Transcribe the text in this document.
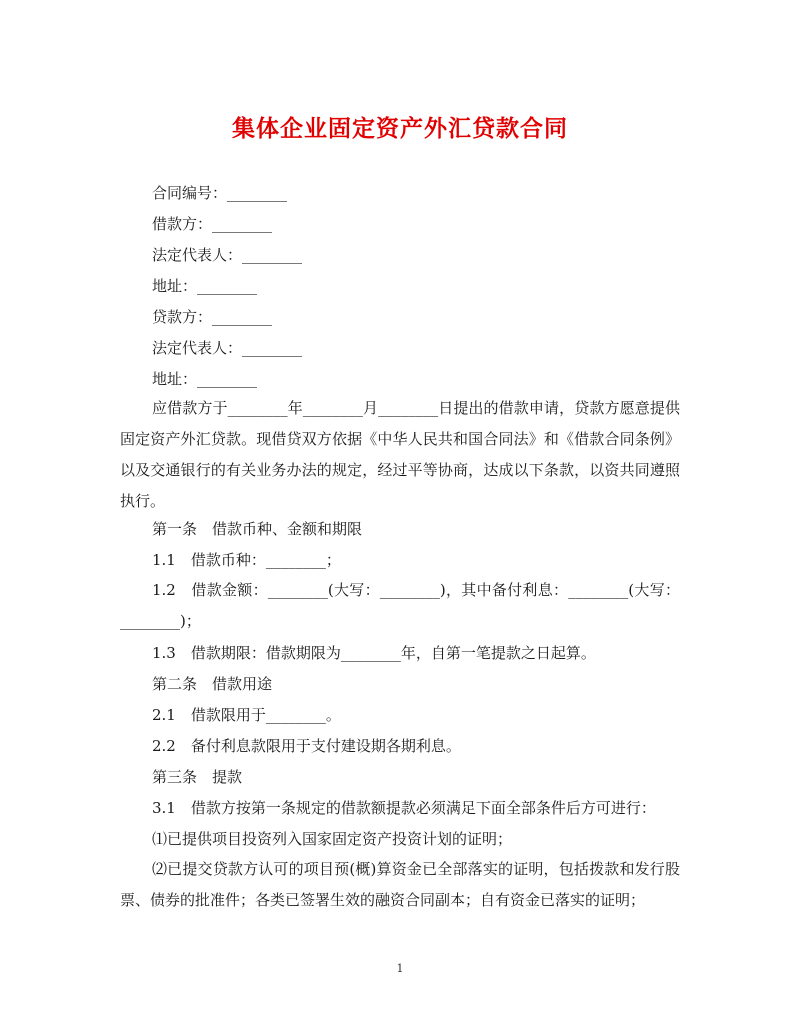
集体企业固定资产外汇贷款合同
合同编号：________
借款方：________
法定代表人：________
地址：________
贷款方：________
法定代表人：________
地址：________
应借款方于________年________月________日提出的借款申请，贷款方愿意提供固定资产外汇贷款。现借贷双方依据《中华人民共和国合同法》和《借款合同条例》以及交通银行的有关业务办法的规定，经过平等协商，达成以下条款，以资共同遵照执行。
第一条　借款币种、金额和期限
1.1　借款币种：________；
1.2　借款金额：________(大写：________)，其中备付利息：________(大写：________)；
1.3　借款期限：借款期限为________年，自第一笔提款之日起算。
第二条　借款用途
2.1　借款限用于________。
2.2　备付利息款限用于支付建设期各期利息。
第三条　提款
3.1　借款方按第一条规定的借款额提款必须满足下面全部条件后方可进行：
⑴已提供项目投资列入国家固定资产投资计划的证明；
⑵已提交贷款方认可的项目预(概)算资金已全部落实的证明，包括拨款和发行股票、债券的批准件；各类已签署生效的融资合同副本；自有资金已落实的证明；
1
